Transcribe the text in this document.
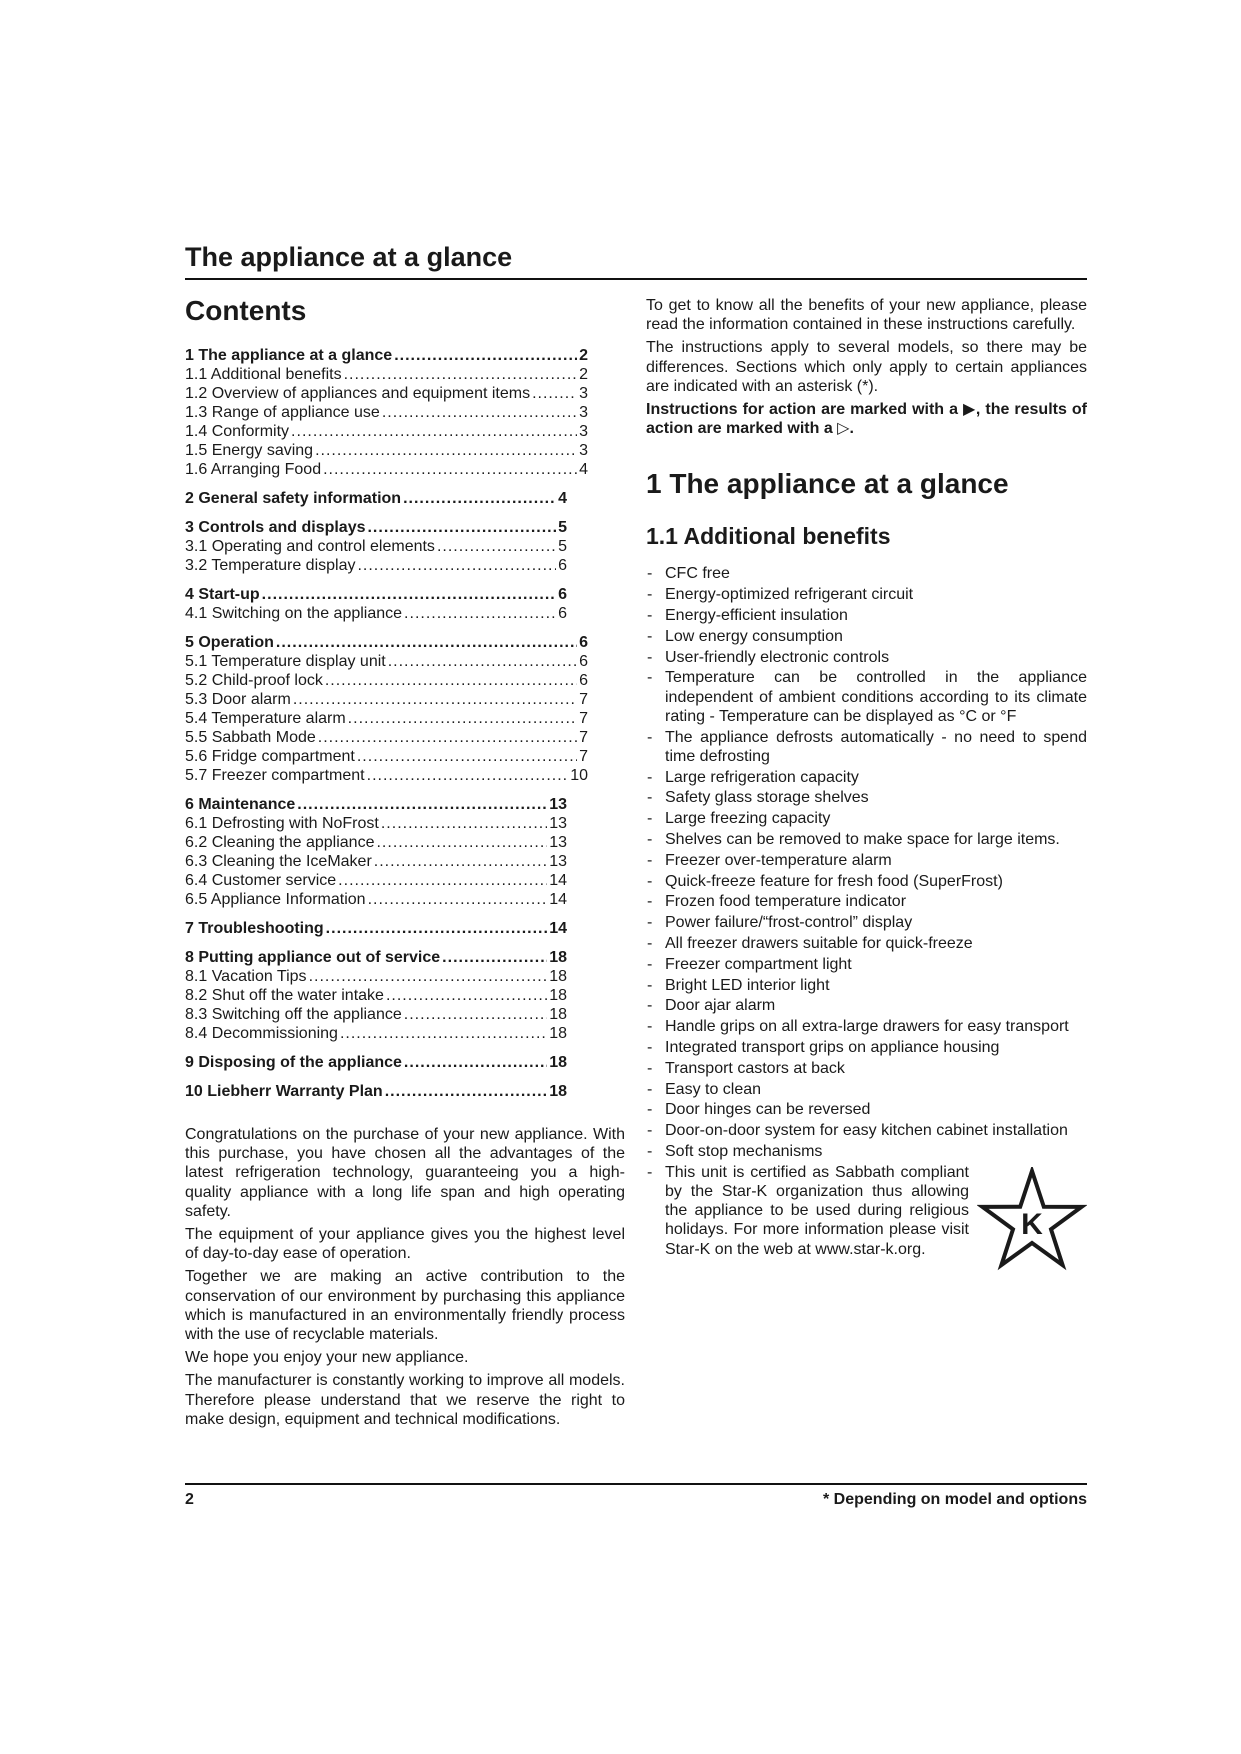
The appliance at a glance
Contents
1 The appliance at a glance .....	2
1.1 Additional benefits .....	2
1.2 Overview of appliances and equipment items .....	3
1.3 Range of appliance use .....	3
1.4 Conformity .....	3
1.5 Energy saving .....	3
1.6 Arranging Food .....	4
2 General safety information .....	4
3 Controls and displays .....	5
3.1 Operating and control elements .....	5
3.2 Temperature display .....	6
4 Start-up .....	6
4.1 Switching on the appliance .....	6
5 Operation .....	6
5.1 Temperature display unit .....	6
5.2 Child-proof lock .....	6
5.3 Door alarm .....	7
5.4 Temperature alarm .....	7
5.5 Sabbath Mode .....	7
5.6 Fridge compartment .....	7
5.7 Freezer compartment .....	10
6 Maintenance .....	13
6.1 Defrosting with NoFrost .....	13
6.2 Cleaning the appliance .....	13
6.3 Cleaning the IceMaker .....	13
6.4 Customer service .....	14
6.5 Appliance Information .....	14
7 Troubleshooting .....	14
8 Putting appliance out of service .....	18
8.1 Vacation Tips .....	18
8.2 Shut off the water intake .....	18
8.3 Switching off the appliance .....	18
8.4 Decommissioning .....	18
9 Disposing of the appliance .....	18
10 Liebherr Warranty Plan .....	18

Congratulations on the purchase of your new appliance. With this purchase, you have chosen all the advantages of the latest refrigeration technology, guaranteeing you a high-quality appliance with a long life span and high operating safety.

The equipment of your appliance gives you the highest level of day-to-day ease of operation.

Together we are making an active contribution to the conservation of our environment by purchasing this appliance which is manufactured in an environmentally friendly process with the use of recyclable materials.

We hope you enjoy your new appliance.

The manufacturer is constantly working to improve all models. Therefore please understand that we reserve the right to make design, equipment and technical modifications.

To get to know all the benefits of your new appliance, please read the information contained in these instructions carefully.

The instructions apply to several models, so there may be differences. Sections which only apply to certain appliances are indicated with an asterisk (*).

Instructions for action are marked with a ▶, the results of action are marked with a ▷.

1 The appliance at a glance
1.1 Additional benefits
- CFC free
- Energy-optimized refrigerant circuit
- Energy-efficient insulation
- Low energy consumption
- User-friendly electronic controls
- Temperature can be controlled in the appliance independent of ambient conditions according to its climate rating - Temperature can be displayed as °C or °F
- The appliance defrosts automatically - no need to spend time defrosting
- Large refrigeration capacity
- Safety glass storage shelves
- Large freezing capacity
- Shelves can be removed to make space for large items.
- Freezer over-temperature alarm
- Quick-freeze feature for fresh food (SuperFrost)
- Frozen food temperature indicator
- Power failure/“frost-control” display
- All freezer drawers suitable for quick-freeze
- Freezer compartment light
- Bright LED interior light
- Door ajar alarm
- Handle grips on all extra-large drawers for easy transport
- Integrated transport grips on appliance housing
- Transport castors at back
- Easy to clean
- Door hinges can be reversed
- Door-on-door system for easy kitchen cabinet installation
- Soft stop mechanisms
- This unit is certified as Sabbath compliant by the Star-K organization thus allowing the appliance to be used during religious holidays. For more information please visit Star-K on the web at www.star-k.org.
K
2	* Depending on model and options
